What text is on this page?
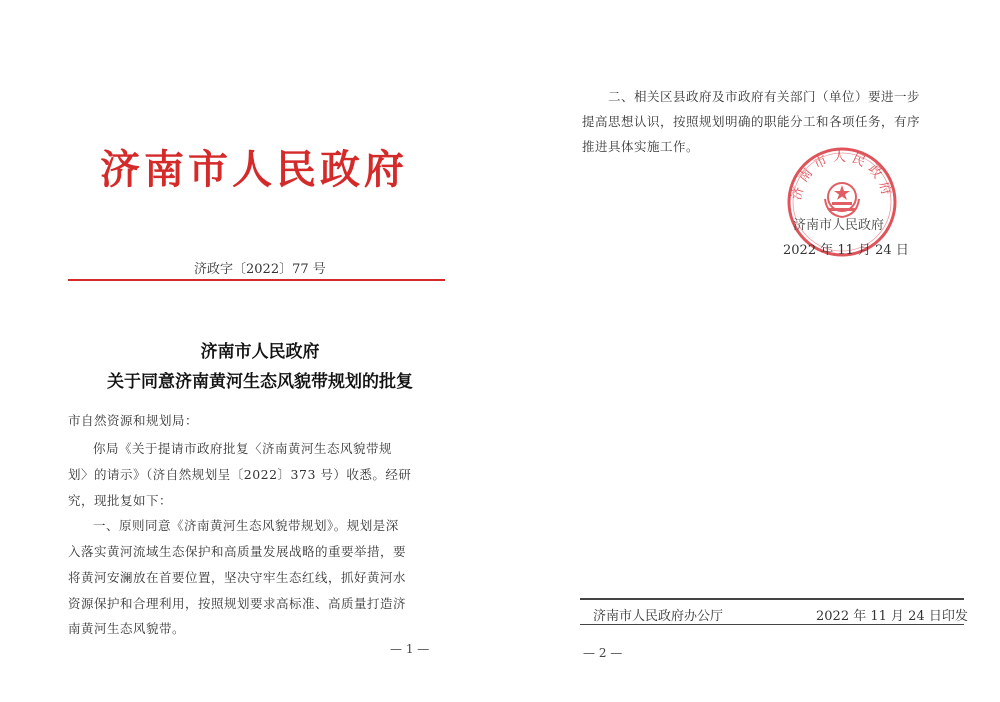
济南市人民政府
济政字〔2022〕77 号
济南市人民政府
关于同意济南黄河生态风貌带规划的批复
市自然资源和规划局：
你局《关于提请市政府批复〈济南黄河生态风貌带规
划〉的请示》（济自然规划呈〔2022〕373 号）收悉。经研
究，现批复如下：
一、原则同意《济南黄河生态风貌带规划》。规划是深
入落实黄河流域生态保护和高质量发展战略的重要举措，要
将黄河安澜放在首要位置，坚决守牢生态红线，抓好黄河水
资源保护和合理利用，按照规划要求高标准、高质量打造济
南黄河生态风貌带。
— 1 —
二、相关区县政府及市政府有关部门（单位）要进一步
提高思想认识，按照规划明确的职能分工和各项任务，有序
推进具体实施工作。
济南市人民政府
济南市人民政府
2022 年 11 月 24 日
济南市人民政府办公厅	2022 年 11 月 24 日印发
— 2 —
